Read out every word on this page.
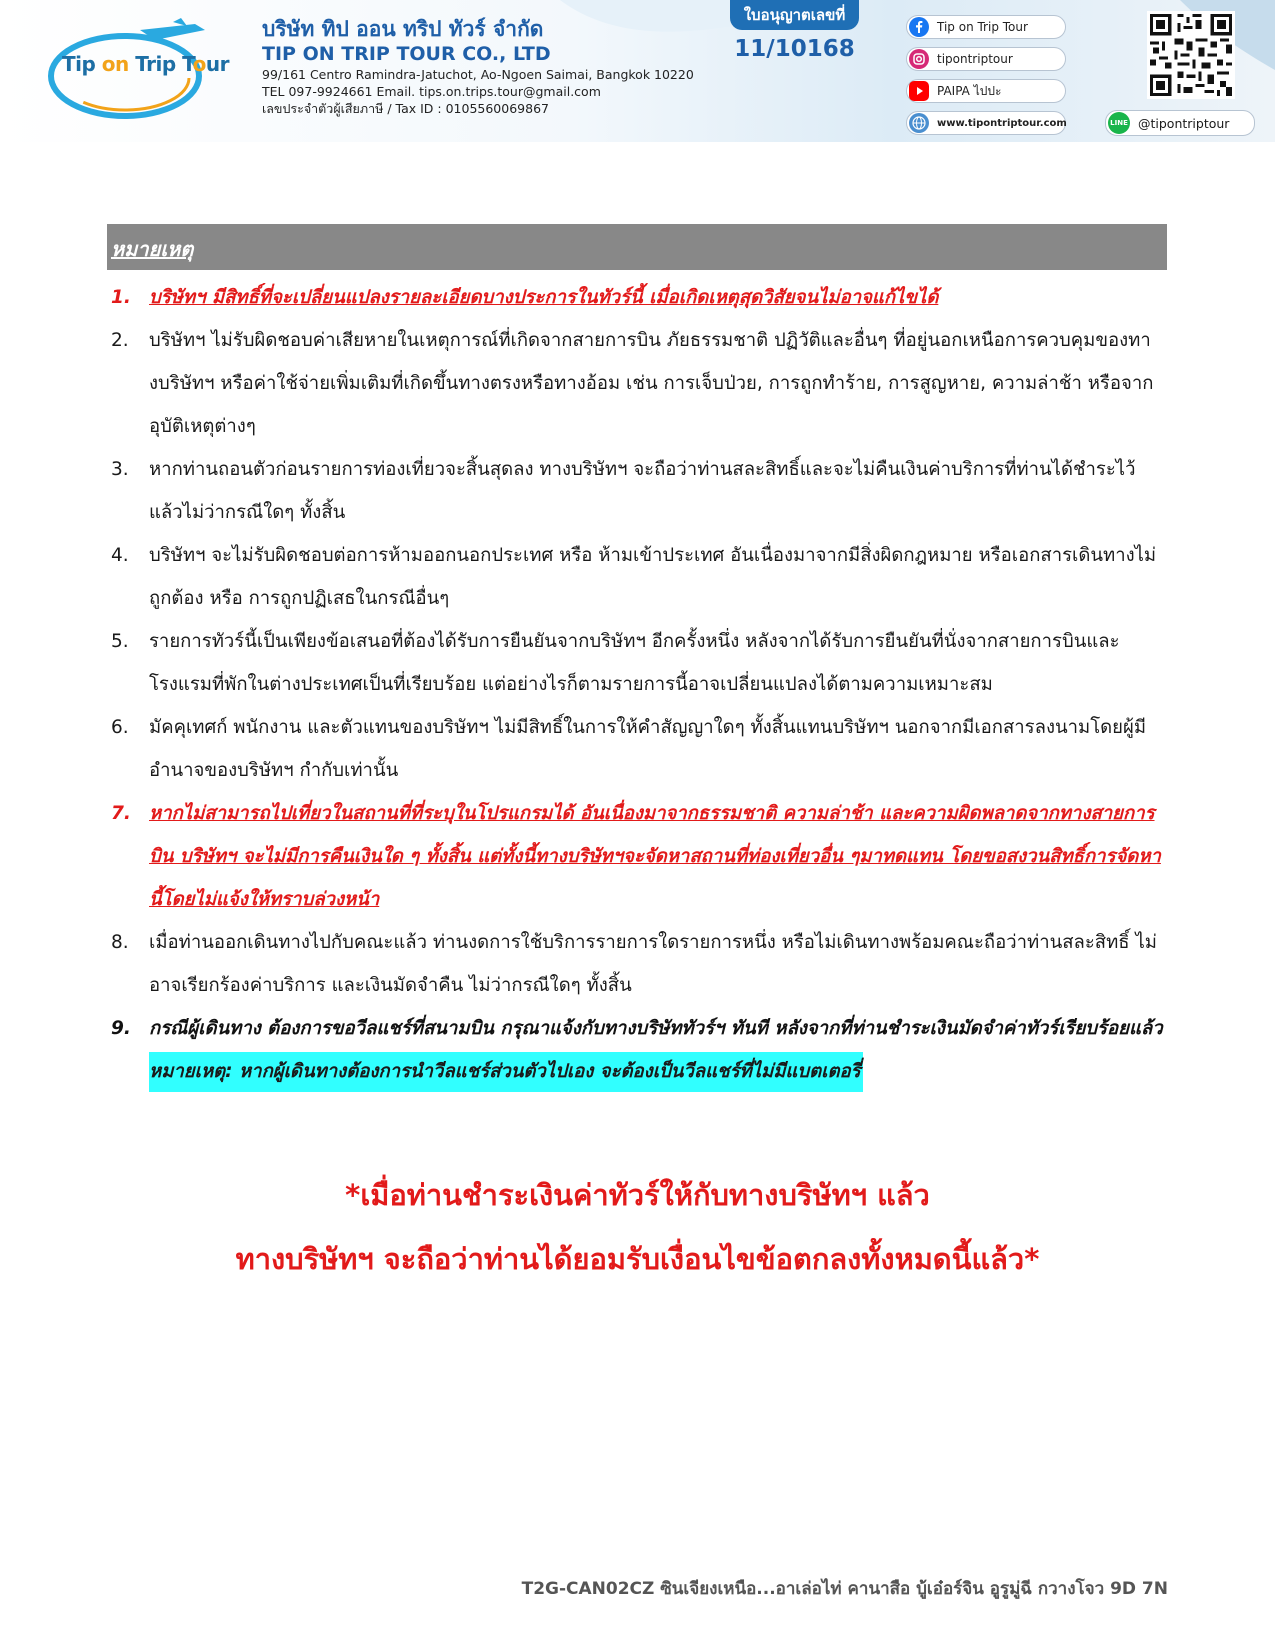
Tip on Trip Tour
บริษัท ทิป ออน ทริป ทัวร์ จำกัด
TIP ON TRIP TOUR CO., LTD
99/161 Centro Ramindra-Jatuchot, Ao-Ngoen Saimai, Bangkok 10220
TEL 097-9924661 Email. tips.on.trips.tour@gmail.com
เลขประจำตัวผู้เสียภาษี / Tax ID : 0105560069867
ใบอนุญาตเลขที่
11/10168
Tip on Trip Tour
tipontriptour
PAIPA ไปปะ
www.tipontriptour.com	LINE @tipontriptour
หมายเหตุ
1. บริษัทฯ มีสิทธิ์ที่จะเปลี่ยนแปลงรายละเอียดบางประการในทัวร์นี้ เมื่อเกิดเหตุสุดวิสัยจนไม่อาจแก้ไขได้
2.	บริษัทฯ ไม่รับผิดชอบค่าเสียหายในเหตุการณ์ที่เกิดจากสายการบิน ภัยธรรมชาติ ปฏิวัติและอื่นๆ ที่อยู่นอกเหนือการควบคุมของทางบริษัทฯ หรือค่าใช้จ่ายเพิ่มเติมที่เกิดขึ้นทางตรงหรือทางอ้อม เช่น การเจ็บป่วย, การถูกทำร้าย, การสูญหาย, ความล่าช้า หรือจากอุบัติเหตุต่างๆ
3.	หากท่านถอนตัวก่อนรายการท่องเที่ยวจะสิ้นสุดลง ทางบริษัทฯ จะถือว่าท่านสละสิทธิ์และจะไม่คืนเงินค่าบริการที่ท่านได้ชำระไว้แล้วไม่ว่ากรณีใดๆ ทั้งสิ้น
4.	บริษัทฯ จะไม่รับผิดชอบต่อการห้ามออกนอกประเทศ หรือ ห้ามเข้าประเทศ อันเนื่องมาจากมีสิ่งผิดกฎหมาย หรือเอกสารเดินทางไม่ถูกต้อง หรือ การถูกปฏิเสธในกรณีอื่นๆ
5.	รายการทัวร์นี้เป็นเพียงข้อเสนอที่ต้องได้รับการยืนยันจากบริษัทฯ อีกครั้งหนึ่ง หลังจากได้รับการยืนยันที่นั่งจากสายการบินและโรงแรมที่พักในต่างประเทศเป็นที่เรียบร้อย แต่อย่างไรก็ตามรายการนี้อาจเปลี่ยนแปลงได้ตามความเหมาะสม
6.	มัคคุเทศก์ พนักงาน และตัวแทนของบริษัทฯ ไม่มีสิทธิ์ในการให้คำสัญญาใดๆ ทั้งสิ้นแทนบริษัทฯ นอกจากมีเอกสารลงนามโดยผู้มีอำนาจของบริษัทฯ กำกับเท่านั้น
7. หากไม่สามารถไปเที่ยวในสถานที่ที่ระบุในโปรแกรมได้ อันเนื่องมาจากธรรมชาติ ความล่าช้า และความผิดพลาดจากทางสายการบิน บริษัทฯ จะไม่มีการคืนเงินใด ๆ ทั้งสิ้น แต่ทั้งนี้ทางบริษัทฯจะจัดหาสถานที่ท่องเที่ยวอื่น ๆมาทดแทน โดยขอสงวนสิทธิ์การจัดหานี้โดยไม่แจ้งให้ทราบล่วงหน้า
8.	เมื่อท่านออกเดินทางไปกับคณะแล้ว ท่านงดการใช้บริการรายการใดรายการหนึ่ง หรือไม่เดินทางพร้อมคณะถือว่าท่านสละสิทธิ์ ไม่อาจเรียกร้องค่าบริการ และเงินมัดจำคืน ไม่ว่ากรณีใดๆ ทั้งสิ้น
9. กรณีผู้เดินทาง ต้องการขอวีลแชร์ที่สนามบิน กรุณาแจ้งกับทางบริษัททัวร์ฯ ทันที หลังจากที่ท่านชำระเงินมัดจำค่าทัวร์เรียบร้อยแล้ว
หมายเหตุ: หากผู้เดินทางต้องการนำวีลแชร์ส่วนตัวไปเอง จะต้องเป็นวีลแชร์ที่ไม่มีแบตเตอรี่
*เมื่อท่านชำระเงินค่าทัวร์ให้กับทางบริษัทฯ แล้ว
ทางบริษัทฯ จะถือว่าท่านได้ยอมรับเงื่อนไขข้อตกลงทั้งหมดนี้แล้ว*
T2G-CAN02CZ ซินเจียงเหนือ...อาเล่อไท่ คานาสือ บู้เอ๋อร์จิน อูรูมู่ฉี กวางโจว 9D 7N
